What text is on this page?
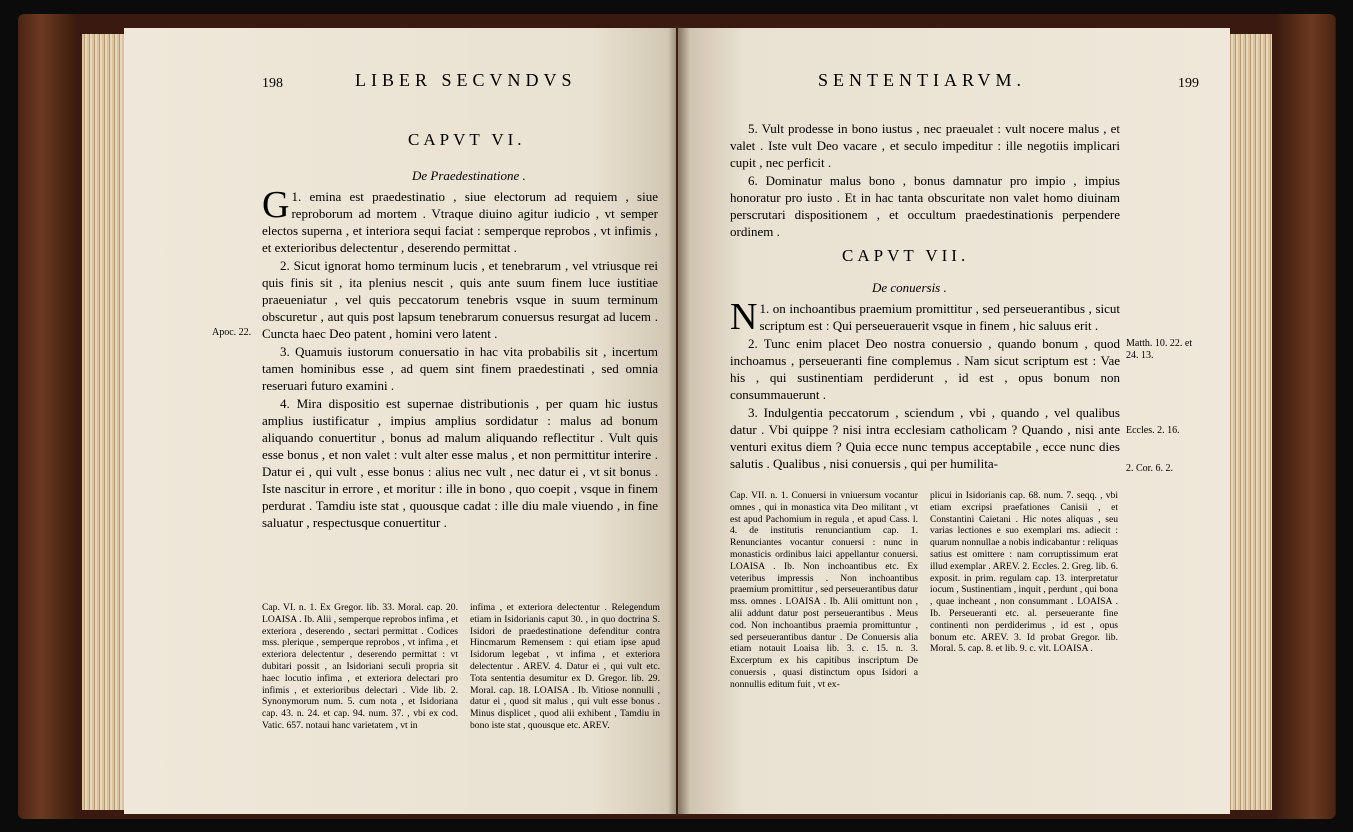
198	LIBER SECVNDVS
CAPVT VI.
De Praedestinatione .

G 1. emina est praedestinatio , siue electorum ad requiem , siue reproborum ad mortem . Vtraque diuino agitur iudicio , vt semper electos superna , et interiora sequi faciat : semperque reprobos , vt infimis , et exterioribus delectentur , deserendo permittat .

2. Sicut ignorat homo terminum lucis , et tenebrarum , vel vtriusque rei quis finis sit , ita plenius nescit , quis ante suum finem luce iustitiae praeueniatur , vel quis peccatorum tenebris vsque in suum terminum obscuretur , aut quis post lapsum tenebrarum conuersus resurgat ad lucem . Cuncta haec Deo patent , homini vero latent .

3. Quamuis iustorum conuersatio in hac vita probabilis sit , incertum tamen hominibus esse , ad quem sint finem praedestinati , sed omnia reseruari futuro examini .

4. Mira dispositio est supernae distributionis , per quam hic iustus amplius iustificatur , impius amplius sordidatur : malus ad bonum aliquando conuertitur , bonus ad malum aliquando reflectitur . Vult quis esse bonus , et non valet : vult alter esse malus , et non permittitur interire . Datur ei , qui vult , esse bonus : alius nec vult , nec datur ei , vt sit bonus . Iste nascitur in errore , et moritur : ille in bono , quo coepit , vsque in finem perdurat . Tamdiu iste stat , quousque cadat : ille diu male viuendo , in fine saluatur , respectusque conuertitur .

Apoc. 22.

Cap. VI. n. 1. Ex Gregor. lib. 33. Moral. cap. 20. LOAISA . Ib. Alii , semperque reprobos infima , et exteriora , deserendo , sectari permittat . Codices mss. plerique , semperque reprobos , vt infima , et exteriora delectentur , deserendo permittat : vt dubitari possit , an Isidoriani seculi propria sit haec locutio infima , et exteriora delectari pro infimis , et exterioribus delectari . Vide lib. 2. Synonymorum num. 5. cum nota , et Isidoriana cap. 43. n. 24. et cap. 94. num. 37. , vbi ex cod. Vatic. 657. notaui hanc varietatem , vt in

infima , et exteriora delectentur . Relegendum etiam in Isidorianis caput 30. , in quo doctrina S. Isidori de praedestinatione defenditur contra Hincmarum Remensem : qui etiam ipse apud Isidorum legebat , vt infima , et exteriora delectentur . AREV. 4. Datur ei , qui vult etc. Tota sententia desumitur ex D. Gregor. lib. 29. Moral. cap. 18. LOAISA . Ib. Vitiose nonnulli , datur ei , quod sit malus , qui vult esse bonus . Minus displicet , quod alii exhibent , Tamdiu in bono iste stat , quousque etc. AREV.

SENTENTIARVM.	199

5. Vult prodesse in bono iustus , nec praeualet : vult nocere malus , et valet . Iste vult Deo vacare , et seculo impeditur : ille negotiis implicari cupit , nec perficit .

6. Dominatur malus bono , bonus damnatur pro impio , impius honoratur pro iusto . Et in hac tanta obscuritate non valet homo diuinam perscrutari dispositionem , et occultum praedestinationis perpendere ordinem .

CAPVT VII.
De conuersis .

N 1. on inchoantibus praemium promittitur , sed perseuerantibus , sicut scriptum est : Qui perseuerauerit vsque in finem , hic saluus erit .

2. Tunc enim placet Deo nostra conuersio , quando bonum , quod inchoamus , perseueranti fine complemus . Nam sicut scriptum est : Vae his , qui sustinentiam perdiderunt , id est , opus bonum non consummauerunt .

3. Indulgentia peccatorum , sciendum , vbi , quando , vel qualibus datur . Vbi quippe ? nisi intra ecclesiam catholicam ? Quando , nisi ante venturi exitus diem ? Quia ecce nunc tempus acceptabile , ecce nunc dies salutis . Qualibus , nisi conuersis , qui per humilita-

Matth. 10. 22. et 24. 13.
Eccles. 2. 16.
2. Cor. 6. 2.

Cap. VII. n. 1. Conuersi in vniuersum vocantur omnes , qui in monastica vita Deo militant , vt est apud Pachomium in regula , et apud Cass. l. 4. de institutis renunciantium cap. 1. Renunciantes vocantur conuersi : nunc in monasticis ordinibus laici appellantur conuersi. LOAISA . Ib. Non inchoantibus etc. Ex veteribus impressis . Non inchoantibus praemium promittitur , sed perseuerantibus datur mss. omnes . LOAISA . Ib. Alii omittunt non , alii addunt datur post perseuerantibus . Meus cod. Non inchoantibus praemia promittuntur , sed perseuerantibus dantur . De Conuersis alia etiam notauit Loaisa lib. 3. c. 15. n. 3. Excerptum ex his capitibus inscriptum De conuersis , quasi distinctum opus Isidori a nonnullis editum fuit , vt ex-

plicui in Isidorianis cap. 68. num. 7. seqq. , vbi etiam excripsi praefationes Canisii , et Constantini Caietani . Hic notes aliquas , seu varias lectiones e suo exemplari ms. adiecit : quarum nonnullae a nobis indicabantur : reliquas satius est omittere : nam corruptissimum erat illud exemplar . AREV. 2. Eccles. 2. Greg. lib. 6. exposit. in prim. regulam cap. 13. interpretatur iocum , Sustinentiam , inquit , perdunt , qui bona , quae incheant , non consummant . LOAISA . Ib. Perseueranti etc. al. perseuerante fine continenti non perdiderimus , id est , opus bonum etc. AREV. 3. Id probat Gregor. lib. Moral. 5. cap. 8. et lib. 9. c. vlt. LOAISA .
